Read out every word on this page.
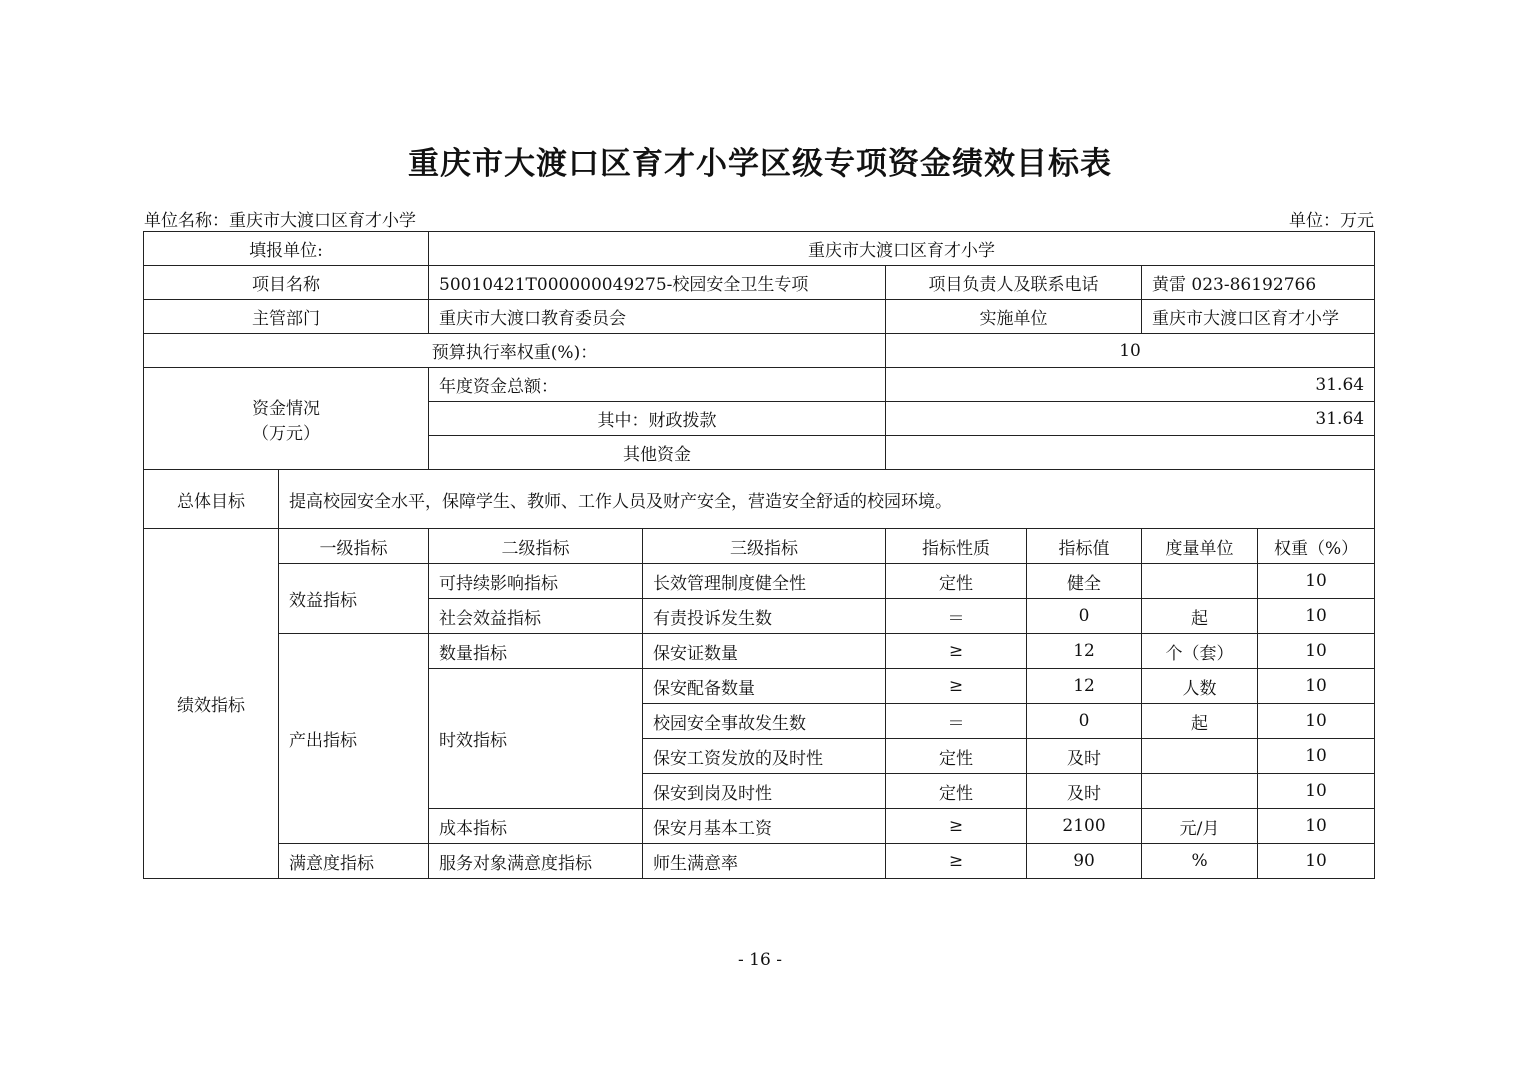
重庆市大渡口区育才小学区级专项资金绩效目标表
单位名称：重庆市大渡口区育才小学	单位：万元
填报单位:		重庆市大渡口区育才小学					
项目名称		50010421T000000049275-校园安全卫生专项		项目负责人及联系电话		黄雷 023-86192766	
主管部门		重庆市大渡口教育委员会		实施单位		重庆市大渡口区育才小学	
预算执行率权重(%)：				10			

资金情况
（万元）		年度资金总额：		31.64			
		其中：财政拨款		31.64			
		其他资金					
总体目标	提高校园安全水平，保障学生、教师、工作人员及财产安全，营造安全舒适的校园环境。						
绩效指标	一级指标	二级指标	三级指标	指标性质	指标值	度量单位	权重（%）
	效益指标	可持续影响指标	长效管理制度健全性	定性	健全		10
		社会效益指标	有责投诉发生数	＝	0	起	10
	产出指标	数量指标	保安证数量	≥	12	个（套）	10
		时效指标	保安配备数量	≥	12	人数	10
			校园安全事故发生数	＝	0	起	10
			保安工资发放的及时性	定性	及时		10
			保安到岗及时性	定性	及时		10
		成本指标	保安月基本工资	≥	2100	元/月	10
	满意度指标	服务对象满意度指标	师生满意率	≥	90	%	10
- 16 -
